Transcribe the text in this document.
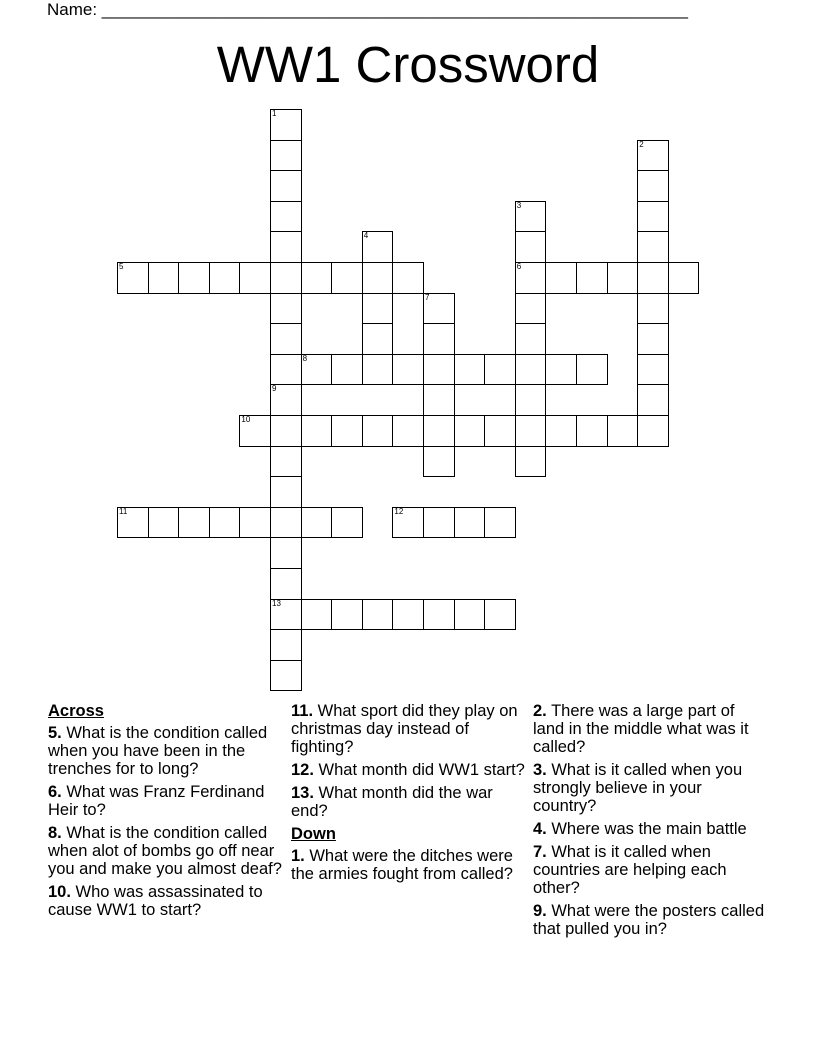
Name: ______________________________________________________________
WW1 Crossword
1
9
13
2
3
6
4
5
7
8
10
11	12
Across
5. What is the condition called when you have been in the trenches for to long?
6. What was Franz Ferdinand Heir to?
8. What is the condition called when alot of bombs go off near you and make you almost deaf?
10. Who was assassinated to cause WW1 to start?
11. What sport did they play on christmas day instead of fighting?
12. What month did WW1 start?
13. What month did the war end?
Down
1. What were the ditches were the armies fought from called?
2. There was a large part of land in the middle what was it called?
3. What is it called when you strongly believe in your country?
4. Where was the main battle
7. What is it called when countries are helping each other?
9. What were the posters called that pulled you in?
